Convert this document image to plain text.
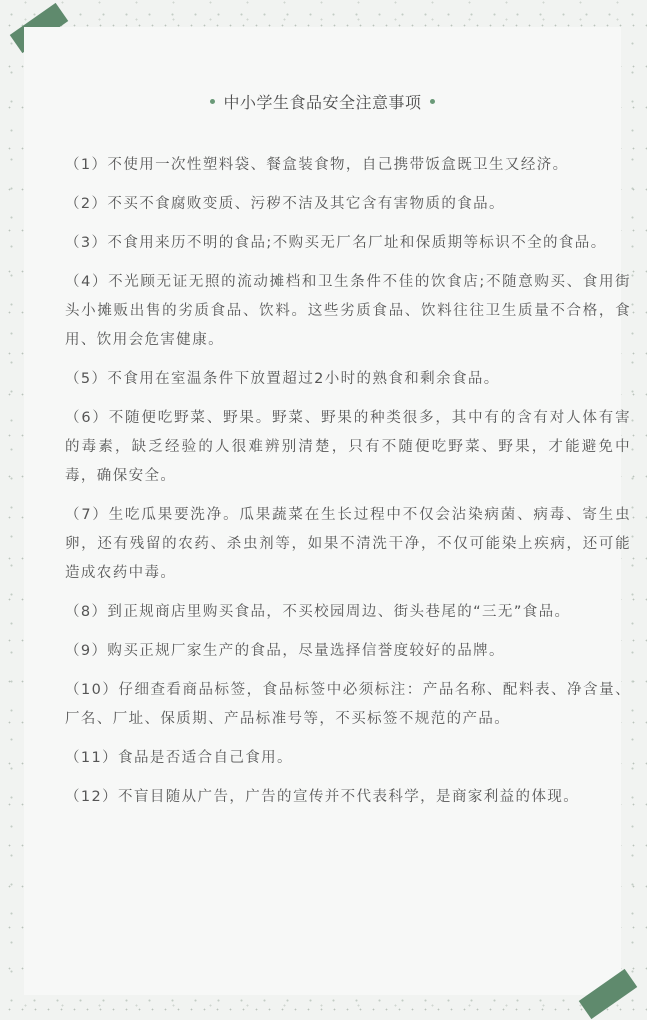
中小学生食品安全注意事项

（1）不使用一次性塑料袋、餐盒装食物，自己携带饭盒既卫生又经济。

（2）不买不食腐败变质、污秽不洁及其它含有害物质的食品。

（3）不食用来历不明的食品;不购买无厂名厂址和保质期等标识不全的食品。

（4）不光顾无证无照的流动摊档和卫生条件不佳的饮食店;不随意购买、食用街头小摊贩出售的劣质食品、饮料。这些劣质食品、饮料往往卫生质量不合格，食用、饮用会危害健康。

（5）不食用在室温条件下放置超过2小时的熟食和剩余食品。

（6）不随便吃野菜、野果。野菜、野果的种类很多，其中有的含有对人体有害的毒素，缺乏经验的人很难辨别清楚，只有不随便吃野菜、野果，才能避免中毒，确保安全。

（7）生吃瓜果要洗净。瓜果蔬菜在生长过程中不仅会沾染病菌、病毒、寄生虫卵，还有残留的农药、杀虫剂等，如果不清洗干净，不仅可能染上疾病，还可能造成农药中毒。

（8）到正规商店里购买食品，不买校园周边、街头巷尾的“三无”食品。

（9）购买正规厂家生产的食品，尽量选择信誉度较好的品牌。

（10）仔细查看商品标签，食品标签中必须标注：产品名称、配料表、净含量、厂名、厂址、保质期、产品标准号等，不买标签不规范的产品。

（11）食品是否适合自己食用。

（12）不盲目随从广告，广告的宣传并不代表科学，是商家利益的体现。
